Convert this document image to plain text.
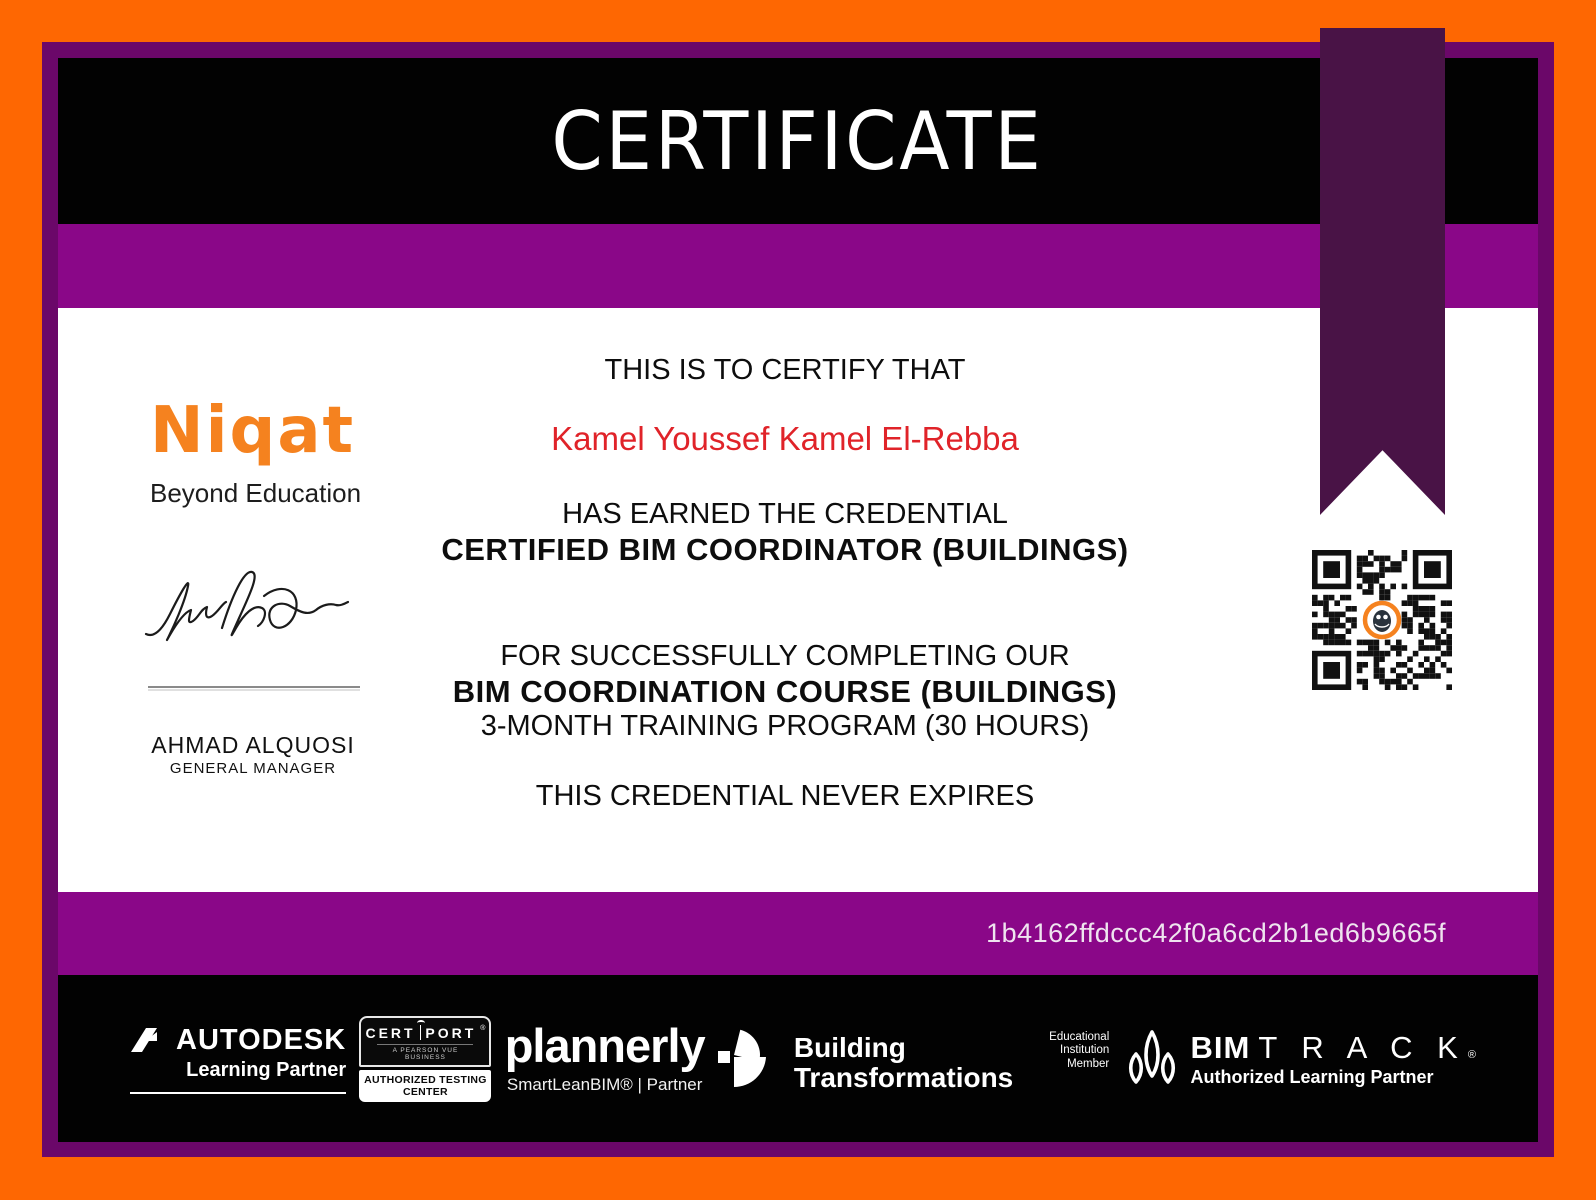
CERTIFICATE
Niqat
Beyond Education
AHMAD ALQUOSI
GENERAL MANAGER
THIS IS TO CERTIFY THAT
Kamel Youssef Kamel El-Rebba
HAS EARNED THE CREDENTIAL
CERTIFIED BIM COORDINATOR (BUILDINGS)
FOR SUCCESSFULLY COMPLETING OUR
BIM COORDINATION COURSE (BUILDINGS)
3-MONTH TRAINING PROGRAM (30 HOURS)
THIS CREDENTIAL NEVER EXPIRES
1b4162ffdccc42f0a6cd2b1ed6b9665f
AUTODESK
Learning Partner
CERT PORT ®
A PEARSON VUE BUSINESS
AUTHORIZED TESTING CENTER
plannerly
SmartLeanBIM® | Partner
Building
Transformations
Educational Institution Member	BIM T R A C K ®
Authorized Learning Partner
